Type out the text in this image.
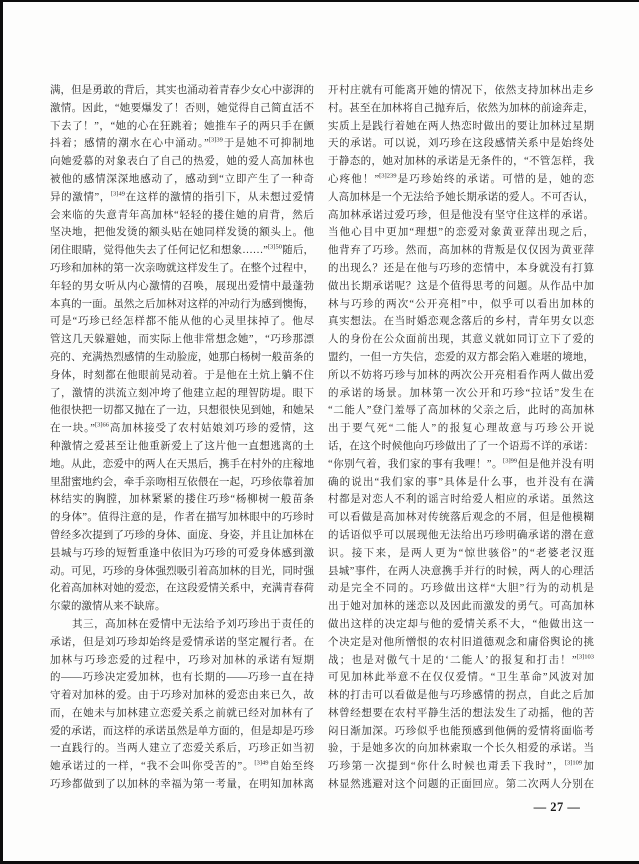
满，但是勇敢的背后，其实也涌动着青春少女心中澎湃的
激情。因此，“她要爆发了！否则，她觉得自己简直活不
下去了！”，“她的心在狂跳着；她推车子的两只手在颤
抖着；感情的潮水在心中涌动。”$^{[3]39}$于是她不可抑制地
向她爱慕的对象表白了自己的热爱，她的爱人高加林也
被他的感情深深地感动了，感动到“立即产生了一种奇
异的激情”，$^{[3]49}$在这样的激情的指引下，从未想过爱情
会来临的失意青年高加林“轻轻的搂住她的肩背，然后
坚决地，把他发烫的额头贴在她同样发烫的额头上。他
闭住眼睛，觉得他失去了任何记忆和想象……”$^{[3]50}$随后，
巧珍和加林的第一次亲吻就这样发生了。在整个过程中，
年轻的男女听从内心激情的召唤，展现出爱情中最蓬勃
本真的一面。虽然之后加林对这样的冲动行为感到懊悔，
可是“巧珍已经怎样都不能从他的心灵里抹掉了。他尽
管这几天躲避她，而实际上他非常想念她”，“巧珍那漂
亮的、充满热烈感情的生动脸庞，她那白杨树一般苗条的
身体，时刻都在他眼前晃动着。于是他在土炕上躺不住
了，激情的洪流立刻冲垮了他建立起的理智防堤。眼下
他很快把一切都又抛在了一边，只想很快见到她，和她呆
在一块。”$^{[3]66}$高加林接受了农村姑娘刘巧珍的爱情，这
种激情之爱甚至让他重新爱上了这片他一直想逃离的土
地。从此，恋爱中的两人在天黑后，携手在村外的庄稼地
里甜蜜地约会，牵手亲吻相互依偎在一起，巧珍依靠着加
林结实的胸膛，加林紧紧的搂住巧珍“杨柳树一般苗条
的身体”。值得注意的是，作者在描写加林眼中的巧珍时
曾经多次提到了巧珍的身体、面庞、身姿，并且让加林在
县城与巧珍的短暂重逢中依旧为巧珍的可爱身体感到激
动。可见，巧珍的身体强烈吸引着高加林的目光，同时强
化着高加林对她的爱恋，在这段爱情关系中，充满青春荷
尔蒙的激情从来不缺席。
　　其三，高加林在爱情中无法给予刘巧珍出于责任的
承诺，但是刘巧珍却始终是爱情承诺的坚定履行者。在
加林与巧珍恋爱的过程中，巧珍对加林的承诺有短期
的——巧珍决定爱加林，也有长期的——巧珍一直在持
守着对加林的爱。由于巧珍对加林的爱恋由来已久，故
而，在她未与加林建立恋爱关系之前就已经对加林有了
爱的承诺，而这样的承诺虽然是单方面的，但是却是巧珍
一直践行的。当两人建立了恋爱关系后，巧珍正如当初
她承诺过的一样，“我不会叫你受苦的”。$^{[3]49}$自始至终
巧珍都做到了以加林的幸福为第一考量，在明知加林离
开村庄就有可能离开她的情况下，依然支持加林出走乡
村。甚至在加林将自己抛弃后，依然为加林的前途奔走，
实质上是践行着她在两人热恋时做出的要让加林过星期
天的承诺。可以说，刘巧珍在这段感情关系中是始终处
于静态的，她对加林的承诺是无条件的，“不管怎样，我
心疼他！”$^{[3]239}$是巧珍始终的承诺。可惜的是，她的恋
人高加林是一个无法给予她长期承诺的爱人。不可否认，
高加林承诺过爱巧珍，但是他没有坚守住这样的承诺。
当他心目中更加“理想”的恋爱对象黄亚萍出现之后，
他背弃了巧珍。然而，高加林的背叛是仅仅因为黄亚萍
的出现么？还是在他与巧珍的恋情中，本身就没有打算
做出长期承诺呢？这是个值得思考的问题。从作品中加
林与巧珍的两次“公开亮相”中，似乎可以看出加林的
真实想法。在当时婚恋观念落后的乡村，青年男女以恋
人的身份在公众面前出现，其意义就如同订立下了爱的
盟约，一但一方失信，恋爱的双方都会陷入难堪的境地，
所以不妨将巧珍与加林的两次公开亮相看作两人做出爱
的承诺的场景。加林第一次公开和巧珍“拉话”发生在
“二能人”登门羞辱了高加林的父亲之后，此时的高加林
出于要气死“二能人”的报复心理故意与巧珍公开说
话，在这个时候他向巧珍做出了了一个语焉不详的承诺：
“你别气着，我们家的事有我哩！”。$^{[3]99}$但是他并没有明
确的说出“我们家的事”具体是什么事，也并没有在满
村都是对恋人不利的谣言时给爱人相应的承诺。虽然这
可以看做是高加林对传统落后观念的不屑，但是他模糊
的话语似乎可以展现他无法给出巧珍明确承诺的潜在意
识。接下来，是两人更为“惊世骇俗”的“老婆老汉逛
县城”事件，在两人决意携手并行的时候，两人的心理活
动是完全不同的。巧珍做出这样“大胆”行为的动机是
出于她对加林的迷恋以及因此而激发的勇气。可高加林
做出这样的决定却与他的爱情关系不大，“他做出这一
个决定是对他所憎恨的农村旧道德观念和庸俗舆论的挑
战；也是对傲气十足的‘二能人’的报复和打击！”$^{[3]103}$
可见加林此举意不在仅仅爱情。“卫生革命”风波对加
林的打击可以看做是他与巧珍感情的拐点，自此之后加
林曾经想要在农村平静生活的想法发生了动摇，他的苦
闷日渐加深。巧珍似乎也能预感到他俩的爱情将面临考
验，于是她多次的向加林索取一个长久相爱的承诺。当
巧珍第一次提到“你什么时候也甭丢下我时”，$^{[3]109}$加
林显然逃避对这个问题的正面回应。第二次两人分别在
— 27 —
